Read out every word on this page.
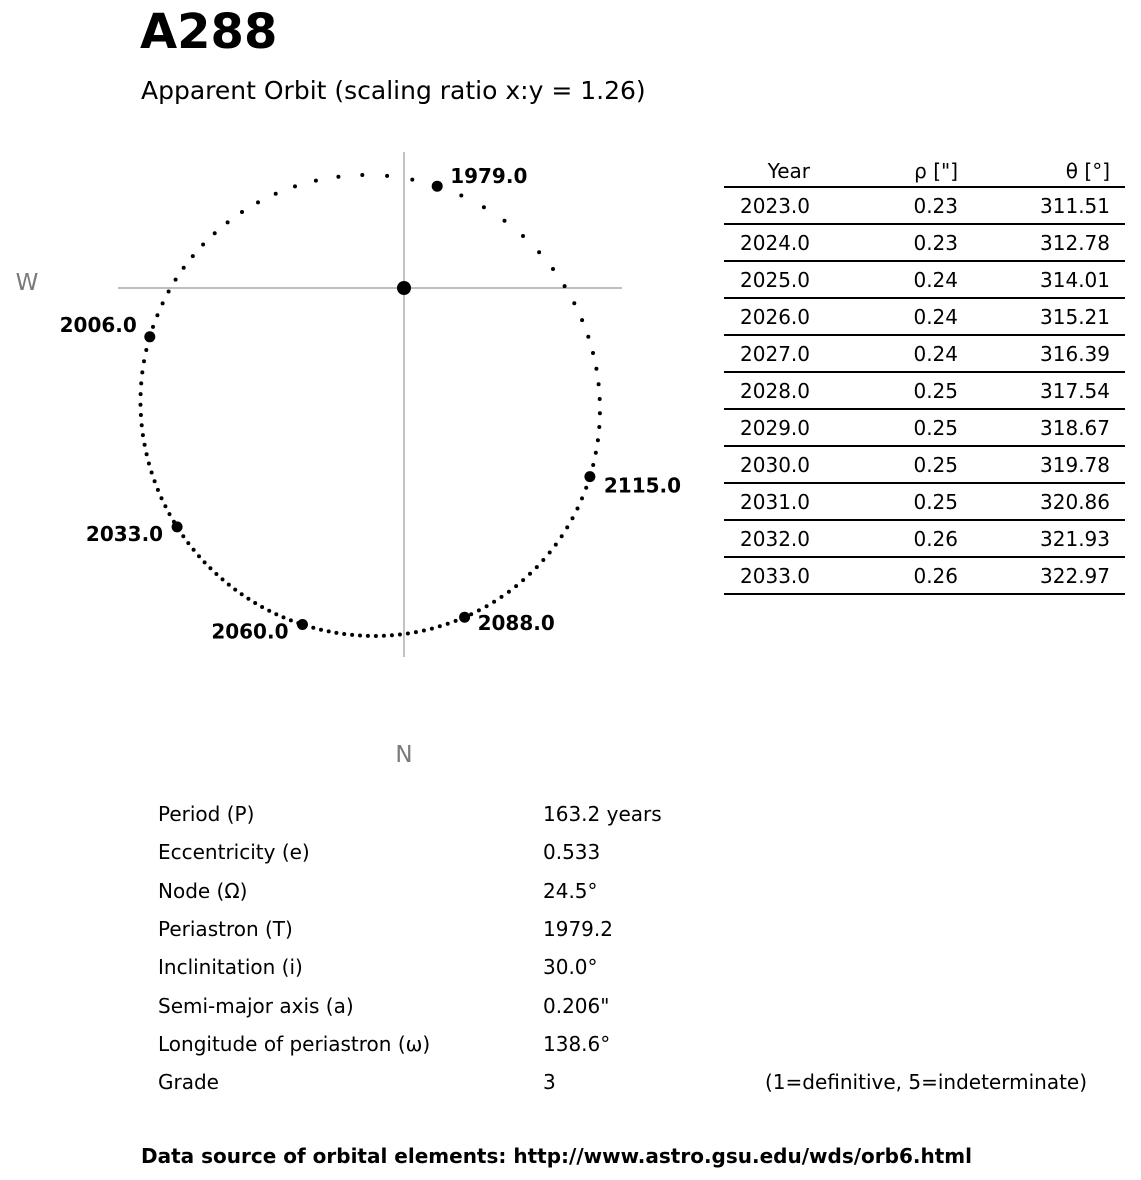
A288
Apparent Orbit (scaling ratio x:y = 1.26)
W
N
1979.0
2006.0
2033.0
2060.0	2088.0
2115.0
Year	ρ ["]	θ [°]
2023.0	0.23	311.51
2024.0	0.23	312.78
2025.0	0.24	314.01
2026.0	0.24	315.21
2027.0	0.24	316.39
2028.0	0.25	317.54
2029.0	0.25	318.67
2030.0	0.25	319.78
2031.0	0.25	320.86
2032.0	0.26	321.93
2033.0	0.26	322.97
Period (P)	163.2 years
Eccentricity (e)	0.533
Node (Ω)	24.5°
Periastron (T)	1979.2
Inclinitation (i)	30.0°
Semi-major axis (a)	0.206"
Longitude of periastron (ω)	138.6°
Grade	3	(1=definitive, 5=indeterminate)
Data source of orbital elements: http://www.astro.gsu.edu/wds/orb6.html
